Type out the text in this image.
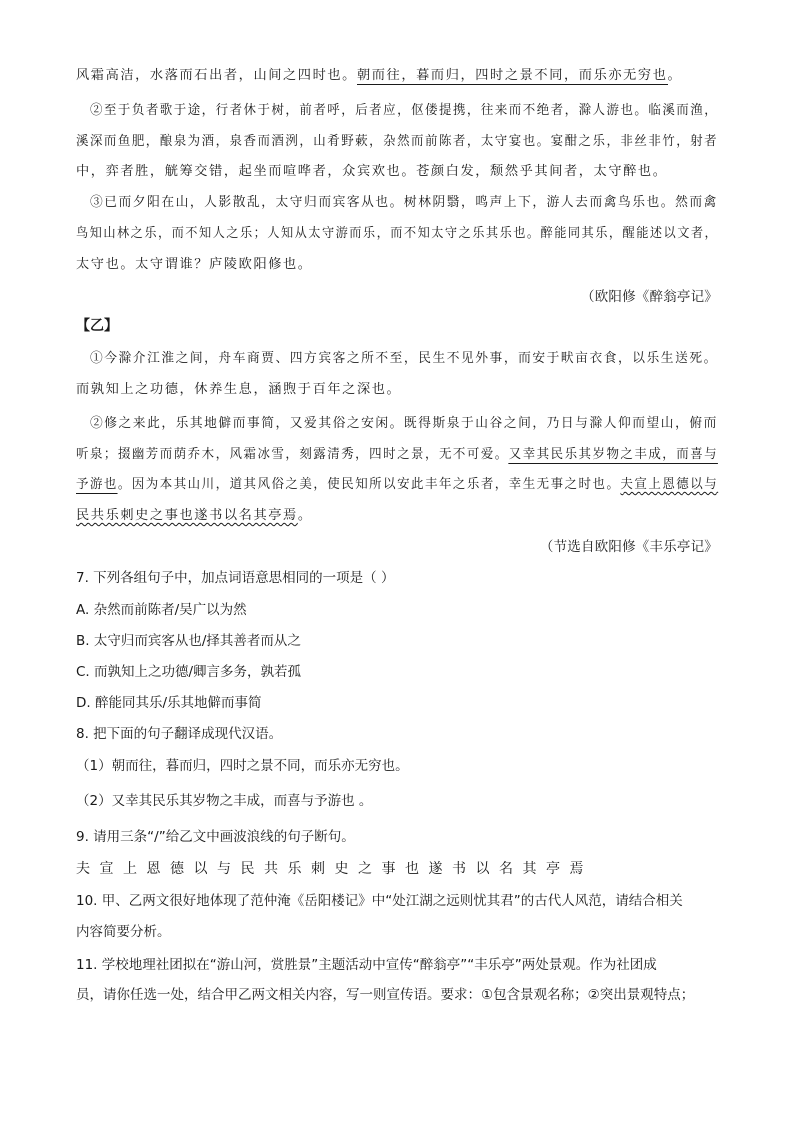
风霜高洁，水落而石出者，山间之四时也。朝而往，暮而归，四时之景不同，而乐亦无穷也。
②至于负者歌于途，行者休于树，前者呼，后者应，伛偻提携，往来而不绝者，滁人游也。临溪而渔，
溪深而鱼肥，酿泉为酒，泉香而酒洌，山肴野蔌，杂然而前陈者，太守宴也。宴酣之乐，非丝非竹，射者
中，弈者胜，觥筹交错，起坐而喧哗者，众宾欢也。苍颜白发，颓然乎其间者，太守醉也。
③已而夕阳在山，人影散乱，太守归而宾客从也。树林阴翳，鸣声上下，游人去而禽鸟乐也。然而禽
鸟知山林之乐，而不知人之乐；人知从太守游而乐，而不知太守之乐其乐也。醉能同其乐，醒能述以文者，
太守也。太守谓谁？庐陵欧阳修也。
（欧阳修《醉翁亭记》
【乙】
①今滁介江淮之间，舟车商贾、四方宾客之所不至，民生不见外事，而安于畎亩衣食，以乐生送死。
而孰知上之功德，休养生息，涵煦于百年之深也。
②修之来此，乐其地僻而事简，又爱其俗之安闲。既得斯泉于山谷之间，乃日与滁人仰而望山，俯而
听泉；掇幽芳而荫乔木，风霜冰雪，刻露清秀，四时之景，无不可爱。又幸其民乐其岁物之丰成，而喜与
予游也。因为本其山川，道其风俗之美，使民知所以安此丰年之乐者，幸生无事之时也。夫宣上恩德以与
民共乐刺史之事也遂书以名其亭焉。
（节选自欧阳修《丰乐亭记》
7. 下列各组句子中，加点词语意思相同的一项是（ ）
A. 杂然而前陈者/吴广以为然
B. 太守归而宾客从也/择其善者而从之
C. 而孰知上之功德/卿言多务，孰若孤
D. 醉能同其乐/乐其地僻而事简
8. 把下面的句子翻译成现代汉语。
（1）朝而往，暮而归，四时之景不同，而乐亦无穷也。
（2）又幸其民乐其岁物之丰成，而喜与予游也 。
9. 请用三条“/”给乙文中画波浪线的句子断句。
夫宣上恩德以与民共乐刺史之事也遂书以名其亭焉
10. 甲、乙两文很好地体现了范仲淹《岳阳楼记》中“处江湖之远则忧其君”的古代人风范，请结合相关
内容简要分析。
11. 学校地理社团拟在“游山河，赏胜景”主题活动中宣传“醉翁亭”“丰乐亭”两处景观。作为社团成
员，请你任选一处，结合甲乙两文相关内容，写一则宣传语。要求：①包含景观名称；②突出景观特点；
